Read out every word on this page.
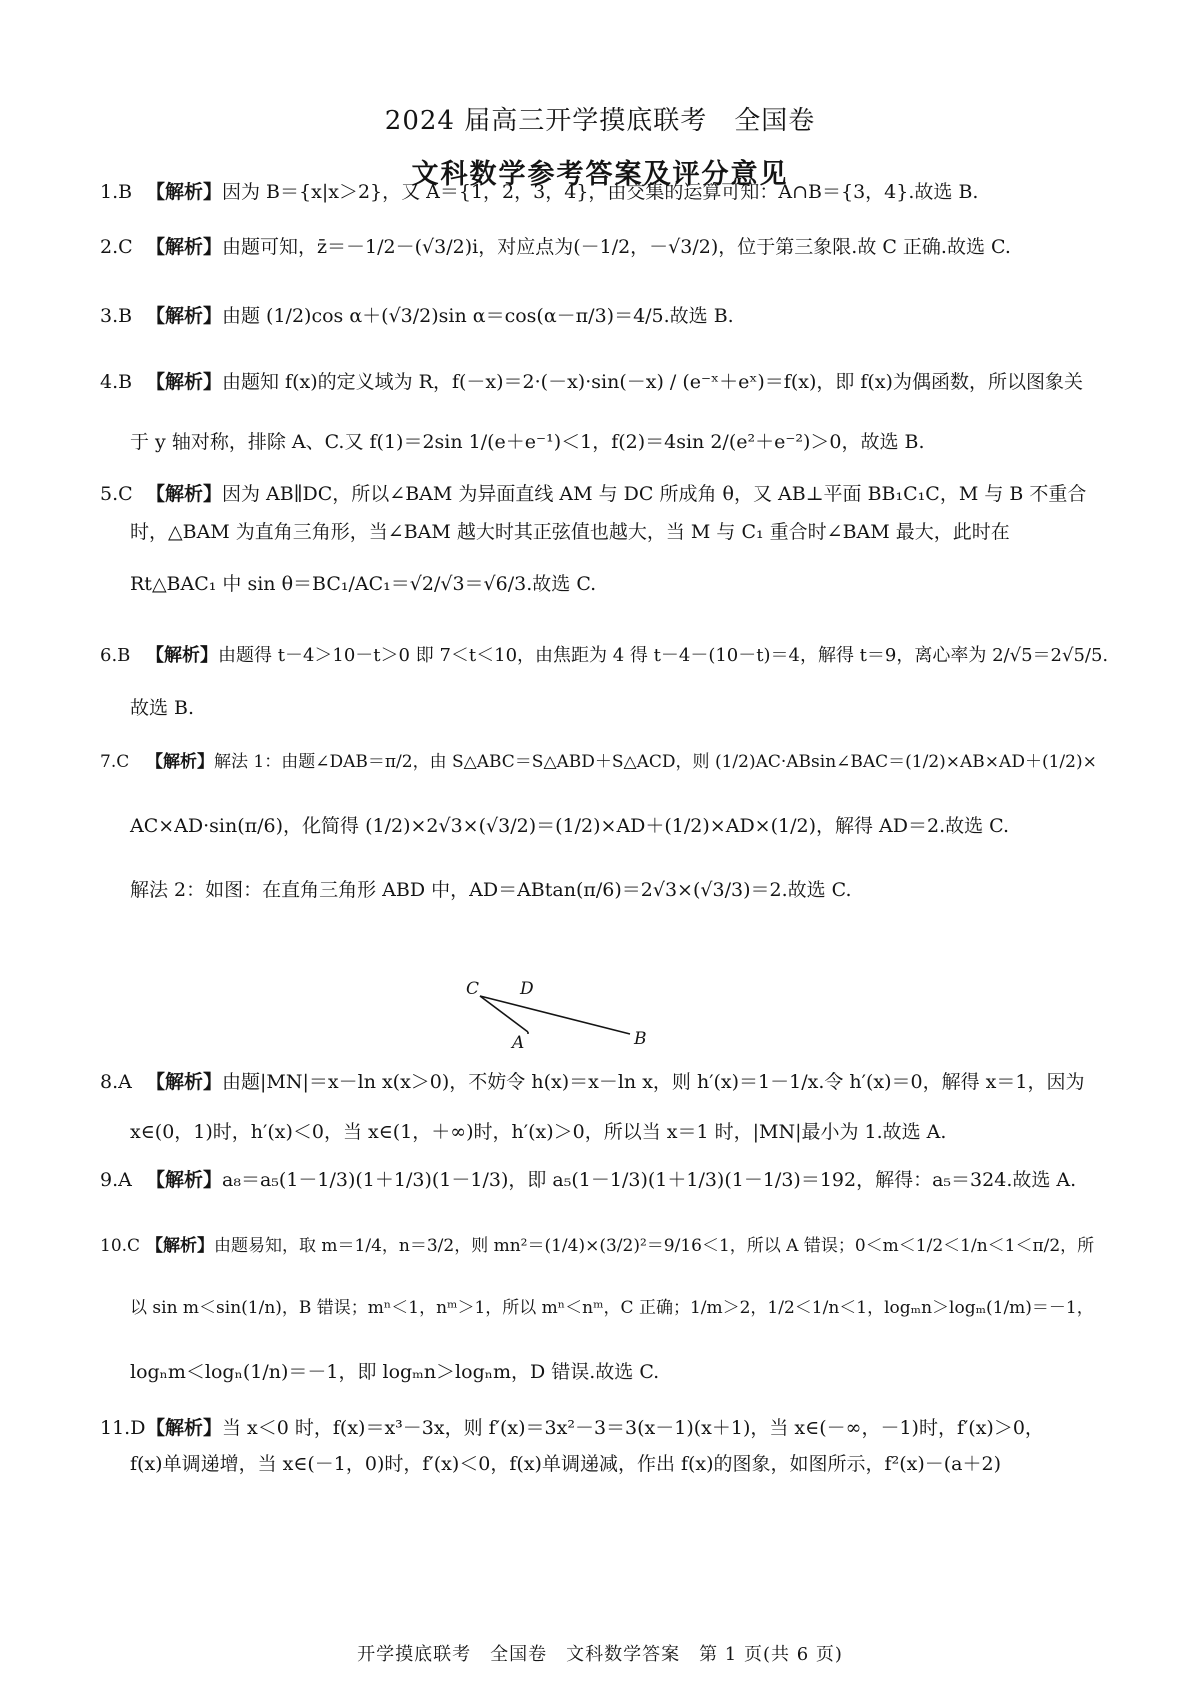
2024 届高三开学摸底联考　全国卷
文科数学参考答案及评分意见
1.B 【解析】因为 B＝{x|x＞2}，又 A＝{1，2，3，4}，由交集的运算可知：A∩B＝{3，4}.故选 B.
2.C 【解析】由题可知，z̄＝－1/2－(√3/2)i，对应点为(－1/2，－√3/2)，位于第三象限.故 C 正确.故选 C.
3.B 【解析】由题 (1/2)cos α＋(√3/2)sin α＝cos(α－π/3)＝4/5.故选 B.
4.B 【解析】由题知 f(x)的定义域为 R，f(－x)＝2·(－x)·sin(－x) / (e⁻ˣ＋eˣ)＝f(x)，即 f(x)为偶函数，所以图象关
于 y 轴对称，排除 A、C.又 f(1)＝2sin 1/(e＋e⁻¹)＜1，f(2)＝4sin 2/(e²＋e⁻²)＞0，故选 B.
5.C 【解析】因为 AB∥DC，所以∠BAM 为异面直线 AM 与 DC 所成角 θ，又 AB⊥平面 BB₁C₁C，M 与 B 不重合
时，△BAM 为直角三角形，当∠BAM 越大时其正弦值也越大，当 M 与 C₁ 重合时∠BAM 最大，此时在
Rt△BAC₁ 中 sin θ＝BC₁/AC₁＝√2/√3＝√6/3.故选 C.
6.B 【解析】由题得 t－4＞10－t＞0 即 7＜t＜10，由焦距为 4 得 t－4－(10－t)＝4，解得 t＝9，离心率为 2/√5＝2√5/5.
故选 B.
7.C 【解析】解法 1：由题∠DAB＝π/2，由 S△ABC＝S△ABD＋S△ACD，则 (1/2)AC·ABsin∠BAC＝(1/2)×AB×AD＋(1/2)×
AC×AD·sin(π/6)，化简得 (1/2)×2√3×(√3/2)＝(1/2)×AD＋(1/2)×AD×(1/2)，解得 AD＝2.故选 C.
解法 2：如图：在直角三角形 ABD 中，AD＝ABtan(π/6)＝2√3×(√3/3)＝2.故选 C.
C D
A	B
8.A 【解析】由题|MN|＝x－ln x(x＞0)，不妨令 h(x)＝x－ln x，则 h′(x)＝1－1/x.令 h′(x)＝0，解得 x＝1，因为
x∈(0，1)时，h′(x)＜0，当 x∈(1，＋∞)时，h′(x)＞0，所以当 x＝1 时，|MN|最小为 1.故选 A.
9.A 【解析】a₈＝a₅(1－1/3)(1＋1/3)(1－1/3)，即 a₅(1－1/3)(1＋1/3)(1－1/3)＝192，解得：a₅＝324.故选 A.
10.C 【解析】由题易知，取 m＝1/4，n＝3/2，则 mn²＝(1/4)×(3/2)²＝9/16＜1，所以 A 错误；0＜m＜1/2＜1/n＜1＜π/2，所
以 sin m＜sin(1/n)，B 错误；mⁿ＜1，nᵐ＞1，所以 mⁿ＜nᵐ，C 正确；1/m＞2，1/2＜1/n＜1，logₘn＞logₘ(1/m)＝－1，
logₙm＜logₙ(1/n)＝－1，即 logₘn＞logₙm，D 错误.故选 C.
11.D【解析】当 x＜0 时，f(x)＝x³－3x，则 f′(x)＝3x²－3＝3(x－1)(x＋1)，当 x∈(－∞，－1)时，f′(x)＞0，
f(x)单调递增，当 x∈(－1，0)时，f′(x)＜0，f(x)单调递减，作出 f(x)的图象，如图所示，f²(x)－(a＋2)
开学摸底联考　全国卷　文科数学答案　第 1 页(共 6 页)
